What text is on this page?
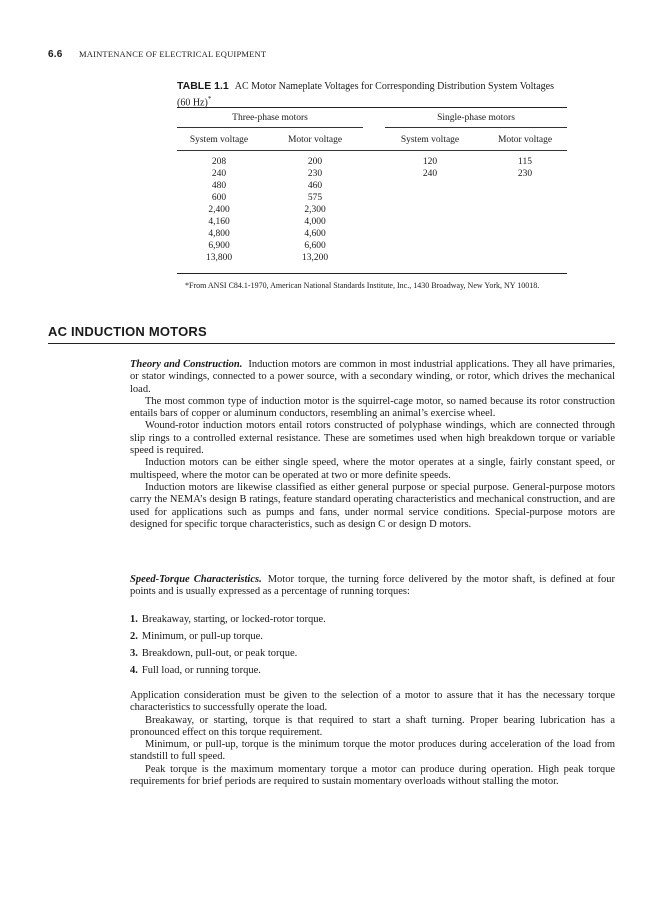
6.6 MAINTENANCE OF ELECTRICAL EQUIPMENT
TABLE 1.1 AC Motor Nameplate Voltages for Corresponding Distribution System Voltages (60 Hz)*
Three-phase motors	Single-phase motors
System voltage	Motor voltage	System voltage	Motor voltage
208	200	120	115
240	230	240	230
480	460
600	575
2,400	2,300
4,160	4,000
4,800	4,600
6,900	6,600
13,800	13,200
*From ANSI C84.1-1970, American National Standards Institute, Inc., 1430 Broadway, New York, NY 10018.
AC INDUCTION MOTORS

Theory and Construction. Induction motors are common in most industrial applications. They all have primaries, or stator windings, connected to a power source, with a secondary winding, or rotor, which drives the mechanical load.

The most common type of induction motor is the squirrel-cage motor, so named because its rotor construction entails bars of copper or aluminum conductors, resembling an animal’s exercise wheel.

Wound-rotor induction motors entail rotors constructed of polyphase windings, which are connected through slip rings to a controlled external resistance. These are sometimes used when high breakdown torque or variable speed is required.

Induction motors can be either single speed, where the motor operates at a single, fairly constant speed, or multispeed, where the motor can be operated at two or more definite speeds.

Induction motors are likewise classified as either general purpose or special purpose. General-purpose motors carry the NEMA’s design B ratings, feature standard operating characteristics and mechanical construction, and are used for applications such as pumps and fans, under normal service conditions. Special-purpose motors are designed for specific torque characteristics, such as design C or design D motors.

Speed-Torque Characteristics. Motor torque, the turning force delivered by the motor shaft, is defined at four points and is usually expressed as a percentage of running torques:

1. Breakaway, starting, or locked-rotor torque.
2. Minimum, or pull-up torque.
3. Breakdown, pull-out, or peak torque.
4. Full load, or running torque.

Application consideration must be given to the selection of a motor to assure that it has the necessary torque characteristics to successfully operate the load.

Breakaway, or starting, torque is that required to start a shaft turning. Proper bearing lubrication has a pronounced effect on this torque requirement.

Minimum, or pull-up, torque is the minimum torque the motor produces during acceleration of the load from standstill to full speed.

Peak torque is the maximum momentary torque a motor can produce during operation. High peak torque requirements for brief periods are required to sustain momentary overloads without stalling the motor.
